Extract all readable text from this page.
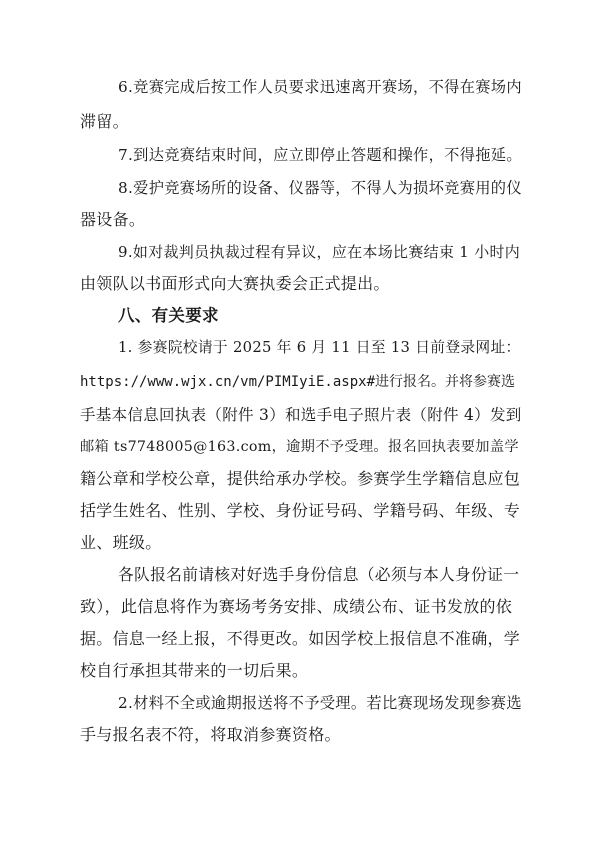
6.竞赛完成后按工作人员要求迅速离开赛场，不得在赛场内
滞留。
7.到达竞赛结束时间，应立即停止答题和操作，不得拖延。
8.爱护竞赛场所的设备、仪器等，不得人为损坏竞赛用的仪
器设备。
9.如对裁判员执裁过程有异议，应在本场比赛结束 1 小时内
由领队以书面形式向大赛执委会正式提出。
八、有关要求
1. 参赛院校请于 2025 年 6 月 11 日至 13 日前登录网址：
https://www.wjx.cn/vm/PIMIyiE.aspx#进行报名。并将参赛选
手基本信息回执表（附件 3）和选手电子照片表（附件 4）发到
邮箱 ts7748005@163.com，逾期不予受理。报名回执表要加盖学
籍公章和学校公章，提供给承办学校。参赛学生学籍信息应包
括学生姓名、性别、学校、身份证号码、学籍号码、年级、专
业、班级。
各队报名前请核对好选手身份信息（必须与本人身份证一
致），此信息将作为赛场考务安排、成绩公布、证书发放的依
据。信息一经上报，不得更改。如因学校上报信息不准确，学
校自行承担其带来的一切后果。
2.材料不全或逾期报送将不予受理。若比赛现场发现参赛选
手与报名表不符，将取消参赛资格。
